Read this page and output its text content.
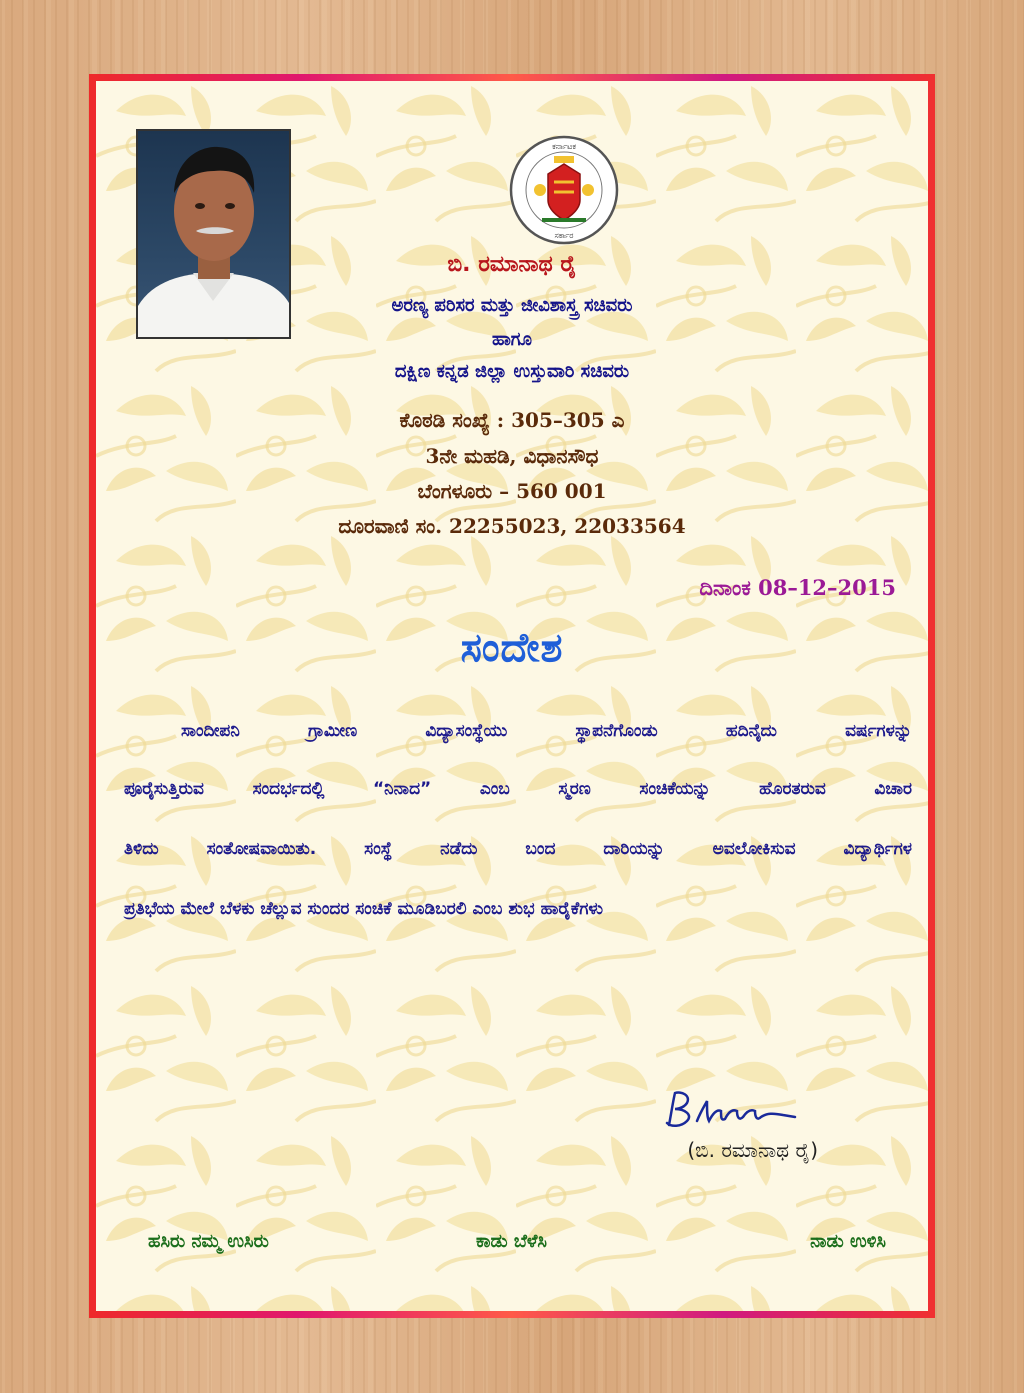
ಕರ್ನಾಟಕ
ಸರ್ಕಾರ
ಬಿ. ರಮಾನಾಥ ರೈ
ಅರಣ್ಯ ಪರಿಸರ ಮತ್ತು ಜೀವಿಶಾಸ್ತ್ರ ಸಚಿವರು
ಹಾಗೂ
ದಕ್ಷಿಣ ಕನ್ನಡ ಜಿಲ್ಲಾ ಉಸ್ತುವಾರಿ ಸಚಿವರು
ಕೊಠಡಿ ಸಂಖ್ಯೆ : 305–305 ಎ
3ನೇ ಮಹಡಿ, ವಿಧಾನಸೌಧ
ಬೆಂಗಳೂರು – 560 001
ದೂರವಾಣಿ ಸಂ. 22255023, 22033564
ದಿನಾಂಕ 08–12–2015
ಸಂದೇಶ
ಸಾಂದೀಪನಿ ಗ್ರಾಮೀಣ ವಿದ್ಯಾಸಂಸ್ಥೆಯು ಸ್ಥಾಪನೆಗೊಂಡು ಹದಿನೈದು ವರ್ಷಗಳನ್ನು
ಪೂರೈಸುತ್ತಿರುವ ಸಂದರ್ಭದಲ್ಲಿ “ನಿನಾದ” ಎಂಬ ಸ್ಮರಣ ಸಂಚಿಕೆಯನ್ನು ಹೊರತರುವ ವಿಚಾರ
ತಿಳಿದು ಸಂತೋಷವಾಯಿತು. ಸಂಸ್ಥೆ ನಡೆದು ಬಂದ ದಾರಿಯನ್ನು ಅವಲೋಕಿಸುವ ವಿದ್ಯಾರ್ಥಿಗಳ
ಪ್ರತಿಭೆಯ ಮೇಲೆ ಬೆಳಕು ಚೆಲ್ಲುವ ಸುಂದರ ಸಂಚಿಕೆ ಮೂಡಿಬರಲಿ ಎಂಬ ಶುಭ ಹಾರೈಕೆಗಳು
(ಬಿ. ರಮಾನಾಥ ರೈ)
ಹಸಿರು ನಮ್ಮ ಉಸಿರು	ಕಾಡು ಬೆಳೆಸಿ	ನಾಡು ಉಳಿಸಿ
